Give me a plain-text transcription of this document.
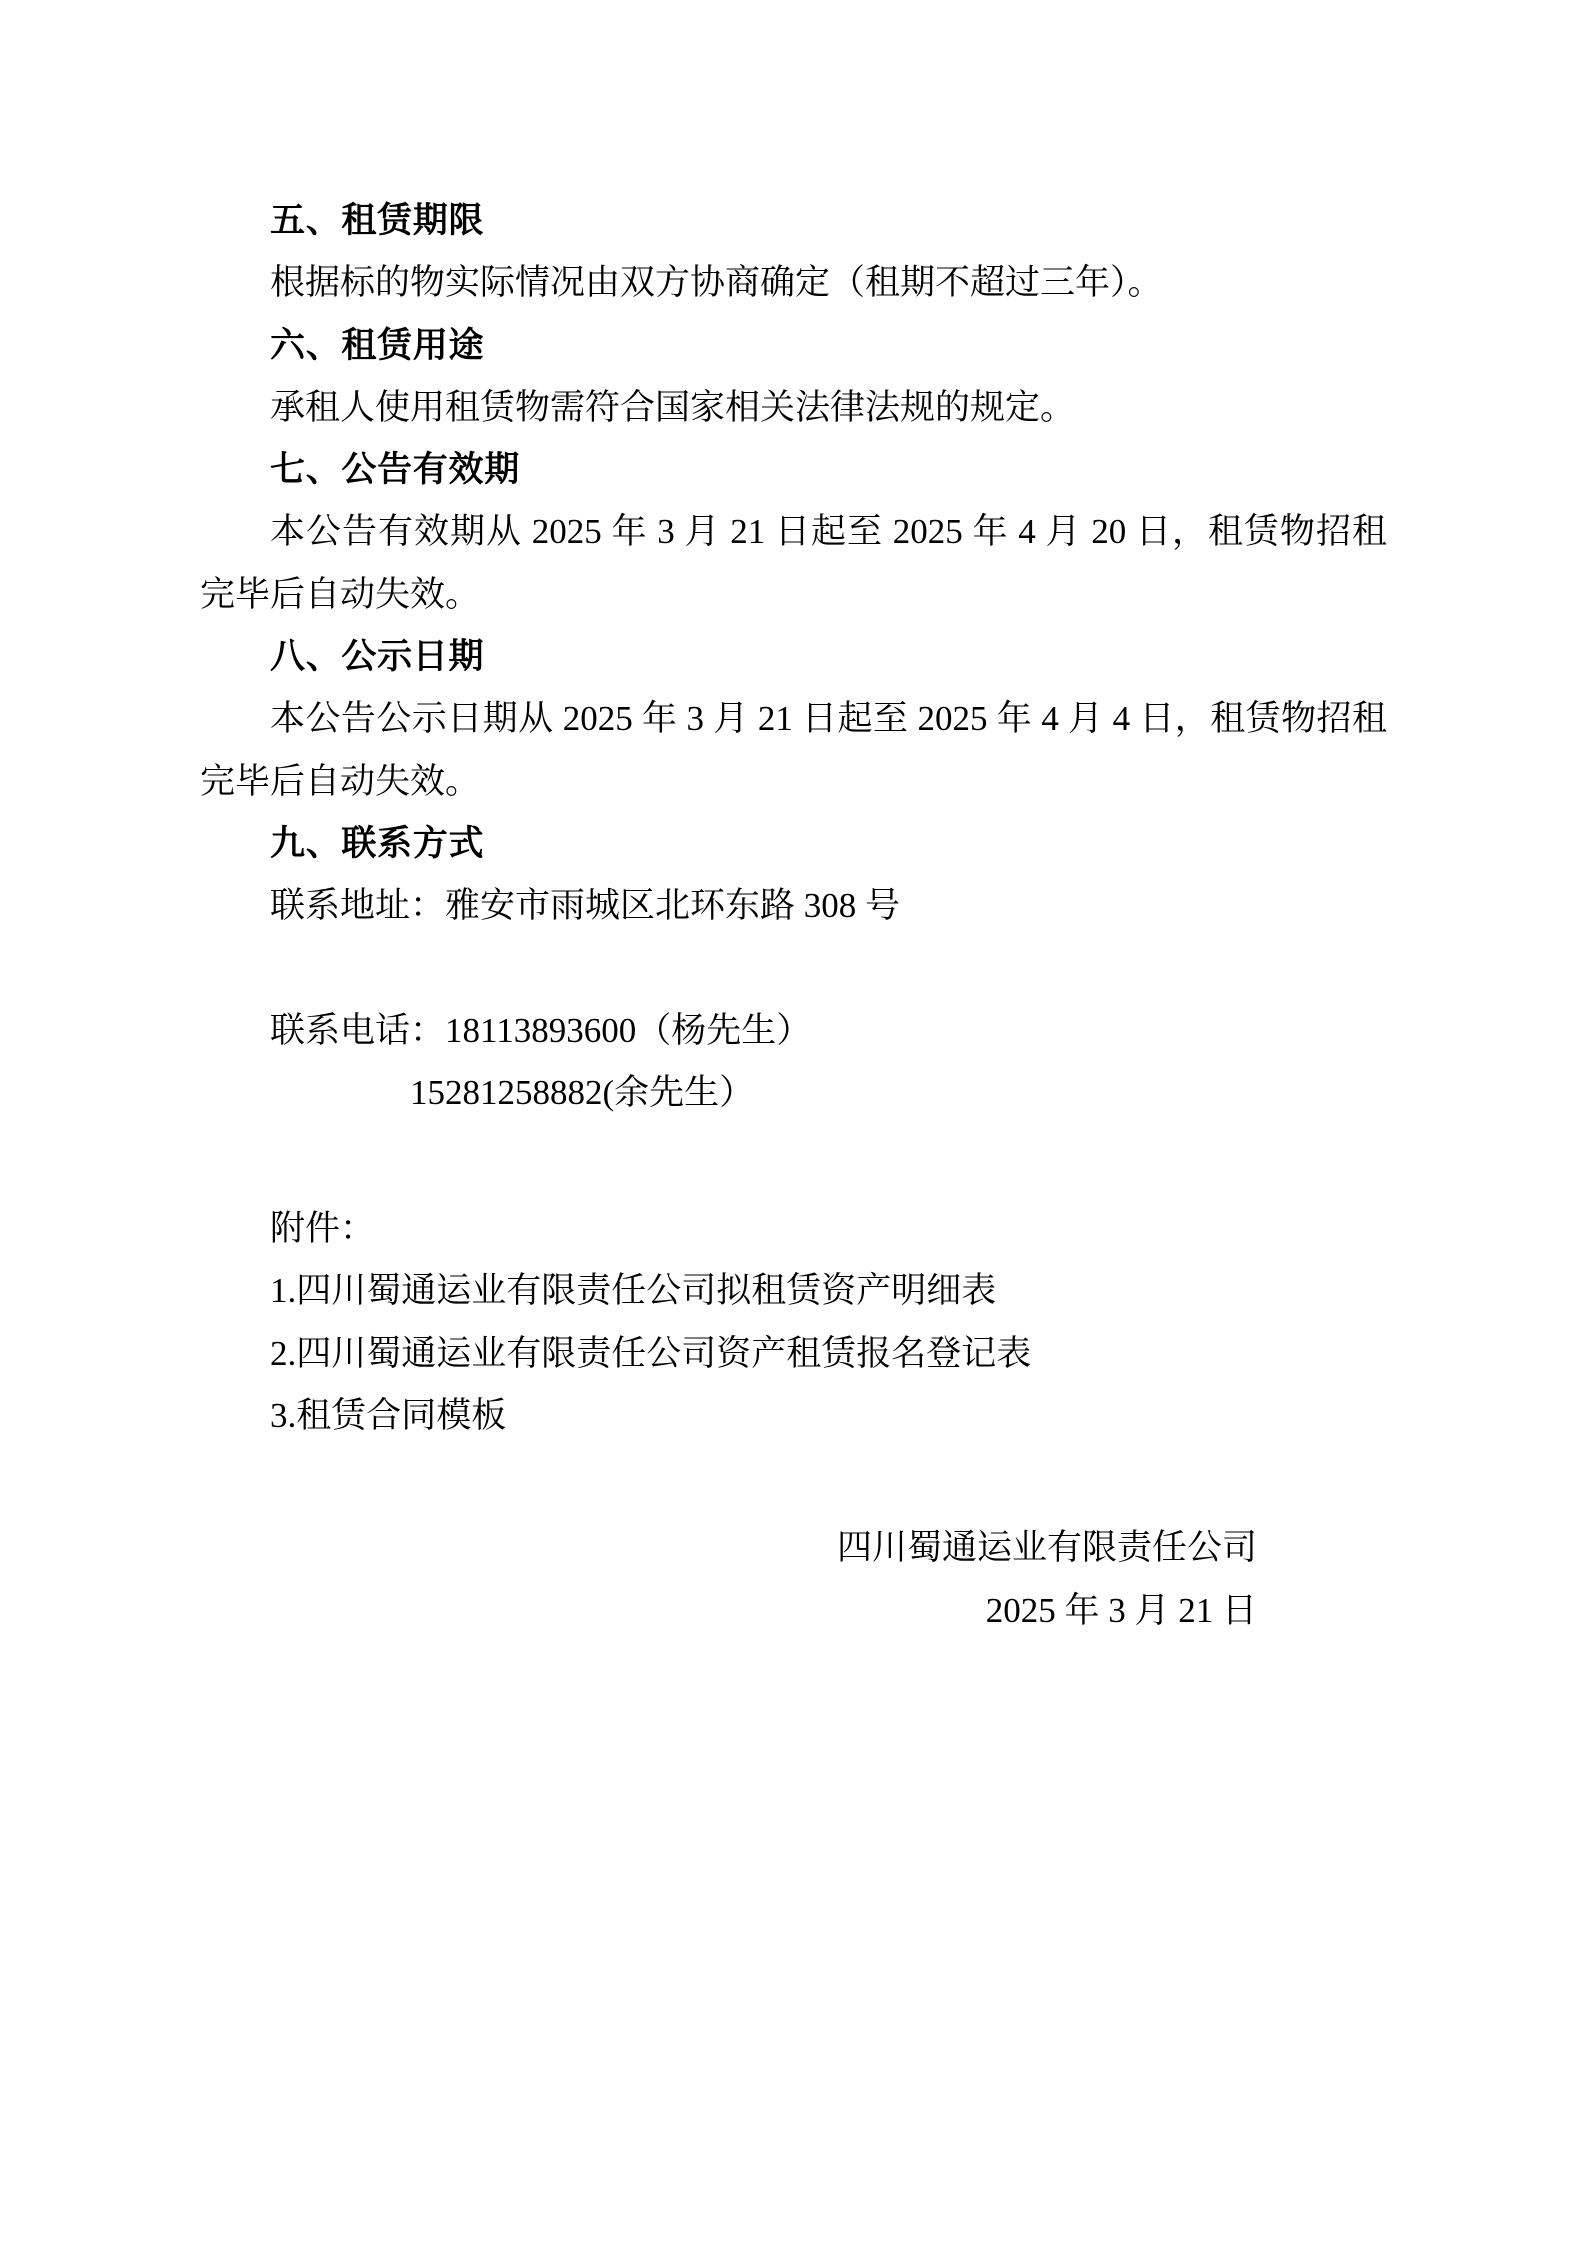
五、租赁期限

根据标的物实际情况由双方协商确定（租期不超过三年）。

六、租赁用途

承租人使用租赁物需符合国家相关法律法规的规定。

七、公告有效期

本公告有效期从 2025 年 3 月 21 日起至 2025 年 4 月 20 日，租赁物招租完毕后自动失效。

八、公示日期

本公告公示日期从 2025 年 3 月 21 日起至 2025 年 4 月 4 日，租赁物招租完毕后自动失效。

九、联系方式

联系地址：雅安市雨城区北环东路 308 号

联系电话：18113893600（杨先生）

15281258882(余先生）

附件：

1.四川蜀通运业有限责任公司拟租赁资产明细表

2.四川蜀通运业有限责任公司资产租赁报名登记表

3.租赁合同模板

四川蜀通运业有限责任公司

2025 年 3 月 21 日
